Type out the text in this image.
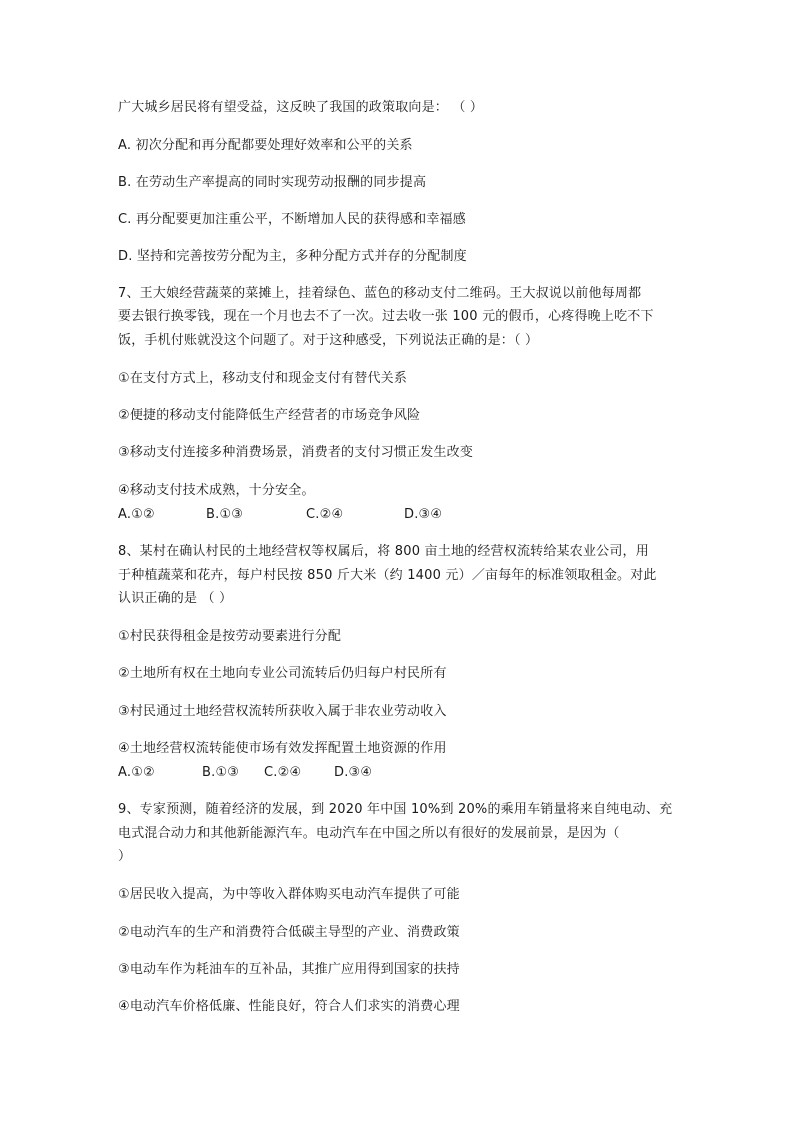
广大城乡居民将有望受益，这反映了我国的政策取向是： （ ）
A. 初次分配和再分配都要处理好效率和公平的关系
B. 在劳动生产率提高的同时实现劳动报酬的同步提高
C. 再分配要更加注重公平，不断增加人民的获得感和幸福感
D. 坚持和完善按劳分配为主，多种分配方式并存的分配制度
7、王大娘经营蔬菜的菜摊上，挂着绿色、蓝色的移动支付二维码。王大叔说以前他每周都
要去银行换零钱，现在一个月也去不了一次。过去收一张 100 元的假币，心疼得晚上吃不下
饭，手机付账就没这个问题了。对于这种感受，下列说法正确的是：（ ）
①在支付方式上，移动支付和现金支付有替代关系
②便捷的移动支付能降低生产经营者的市场竞争风险
③移动支付连接多种消费场景，消费者的支付习惯正发生改变
④移动支付技术成熟，十分安全。
A.①②	B.①③	C.②④	D.③④
8、某村在确认村民的土地经营权等权属后，将 800 亩土地的经营权流转给某农业公司，用
于种植蔬菜和花卉，每户村民按 850 斤大米（约 1400 元）／亩每年的标准领取租金。对此
认识正确的是 （ ）
①村民获得租金是按劳动要素进行分配
②土地所有权在土地向专业公司流转后仍归每户村民所有
③村民通过土地经营权流转所获收入属于非农业劳动收入
④土地经营权流转能使市场有效发挥配置土地资源的作用
A.①②	B.①③ C.②④	D.③④
9、专家预测，随着经济的发展，到 2020 年中国 10%到 20%的乘用车销量将来自纯电动、充
电式混合动力和其他新能源汽车。电动汽车在中国之所以有很好的发展前景，是因为（
）
①居民收入提高，为中等收入群体购买电动汽车提供了可能
②电动汽车的生产和消费符合低碳主导型的产业、消费政策
③电动车作为耗油车的互补品，其推广应用得到国家的扶持
④电动汽车价格低廉、性能良好，符合人们求实的消费心理
